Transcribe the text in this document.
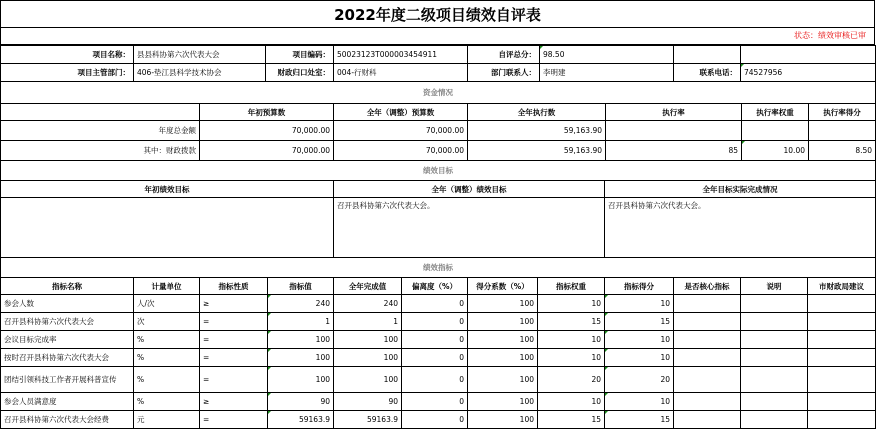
2022年度二级项目绩效自评表
状态：绩效审核已审
项目名称：	县县科协第六次代表大会	项目编码：	50023123T000003454911	自评总分：	98.50		
项目主管部门：	406-垫江县科学技术协会	财政归口处室：	004-行财科	部门联系人：	李明建	联系电话：	74527956
资金情况						
	年初预算数	全年（调整）预算数	全年执行数	执行率	执行率权重	执行率得分
年度总金额	70,000.00	70,000.00	59,163.90			
其中：财政拨款	70,000.00	70,000.00	59,163.90	85	10.00	8.50
绩效目标		
年初绩效目标	全年（调整）绩效目标	全年目标实际完成情况
	召开县科协第六次代表大会。	召开县科协第六次代表大会。
绩效指标											
指标名称	计量单位	指标性质	指标值	全年完成值	偏离度（%）	得分系数（%）	指标权重	指标得分	是否核心指标	说明	市财政局建议
参会人数	人/次	≥	240	240	0	100	10	10			
召开县科协第六次代表大会	次	=	1	1	0	100	15	15			
会议目标完成率	%	=	100	100	0	100	10	10			
按时召开县科协第六次代表大会	%	=	100	100	0	100	10	10			
团结引领科技工作者开展科普宣传	%	=	100	100	0	100	20	20			
参会人员满意度	%	≥	90	90	0	100	10	10			
召开县科协第六次代表大会经费	元	=	59163.9	59163.9	0	100	15	15			
